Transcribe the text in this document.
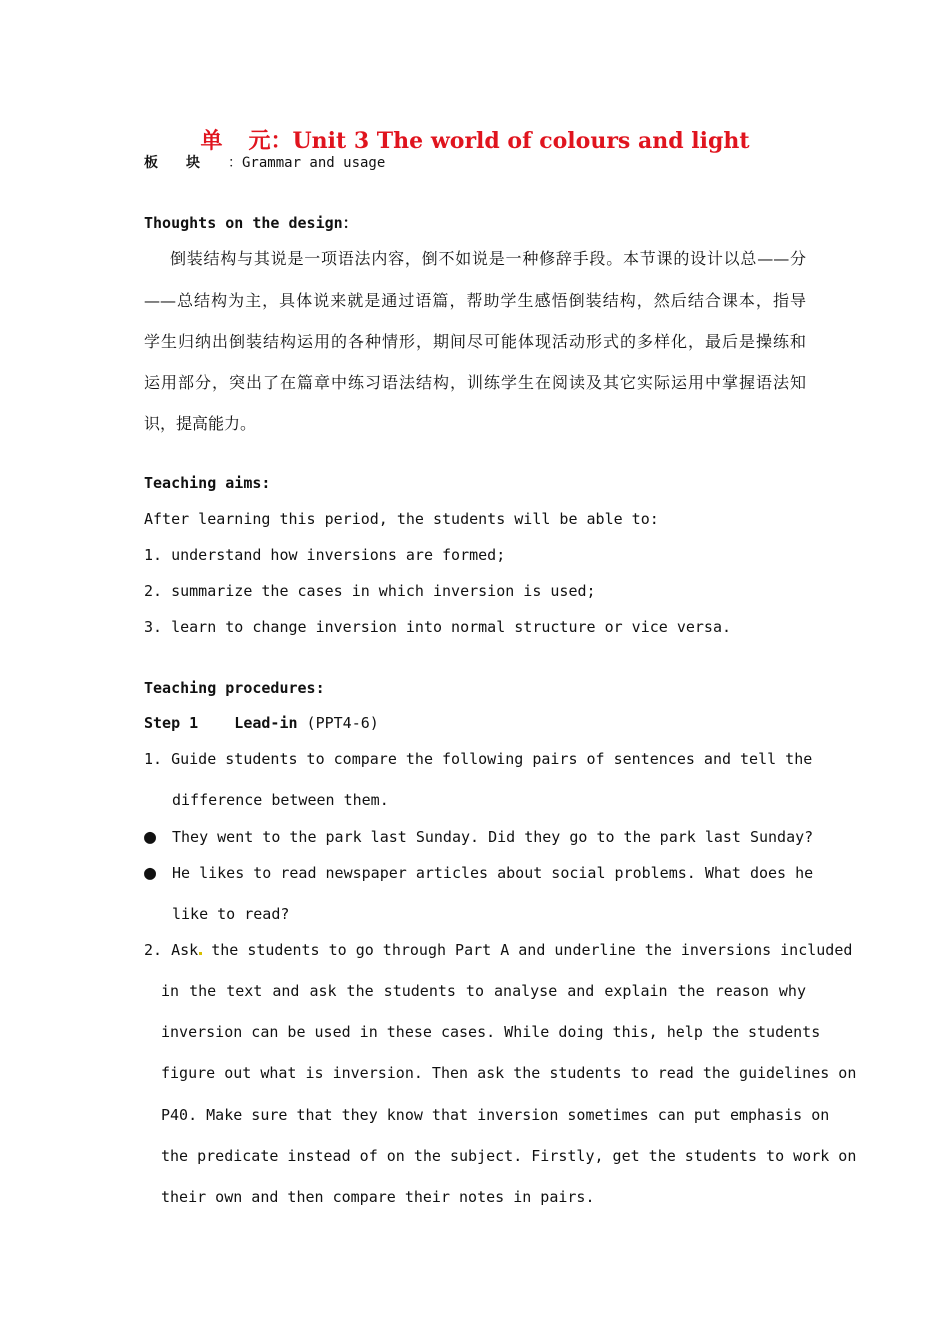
单元：Unit 3 The world of colours and light
板块：Grammar and usage
Thoughts on the design：
倒装结构与其说是一项语法内容，倒不如说是一种修辞手段。本节课的设计以总——分
——总结构为主，具体说来就是通过语篇，帮助学生感悟倒装结构，然后结合课本，指导
学生归纳出倒装结构运用的各种情形，期间尽可能体现活动形式的多样化，最后是操练和
运用部分，突出了在篇章中练习语法结构，训练学生在阅读及其它实际运用中掌握语法知
识，提高能力。
Teaching aims:
After learning this period, the students will be able to:
1. understand how inversions are formed;
2. summarize the cases in which inversion is used;
3. learn to change inversion into normal structure or vice versa.
Teaching procedures:
Step 1    Lead-in (PPT4-6)
1. Guide students to compare the following pairs of sentences and tell the
difference between them.
● They went to the park last Sunday. Did they go to the park last Sunday?
● He likes to read newspaper articles about social problems. What does he
like to read?
2. Ask the students to go through Part A and underline the inversions included
in the text and ask the students to analyse and explain the reason why
inversion can be used in these cases. While doing this, help the students
figure out what is inversion. Then ask the students to read the guidelines on
P40. Make sure that they know that inversion sometimes can put emphasis on
the predicate instead of on the subject. Firstly, get the students to work on
their own and then compare their notes in pairs.
